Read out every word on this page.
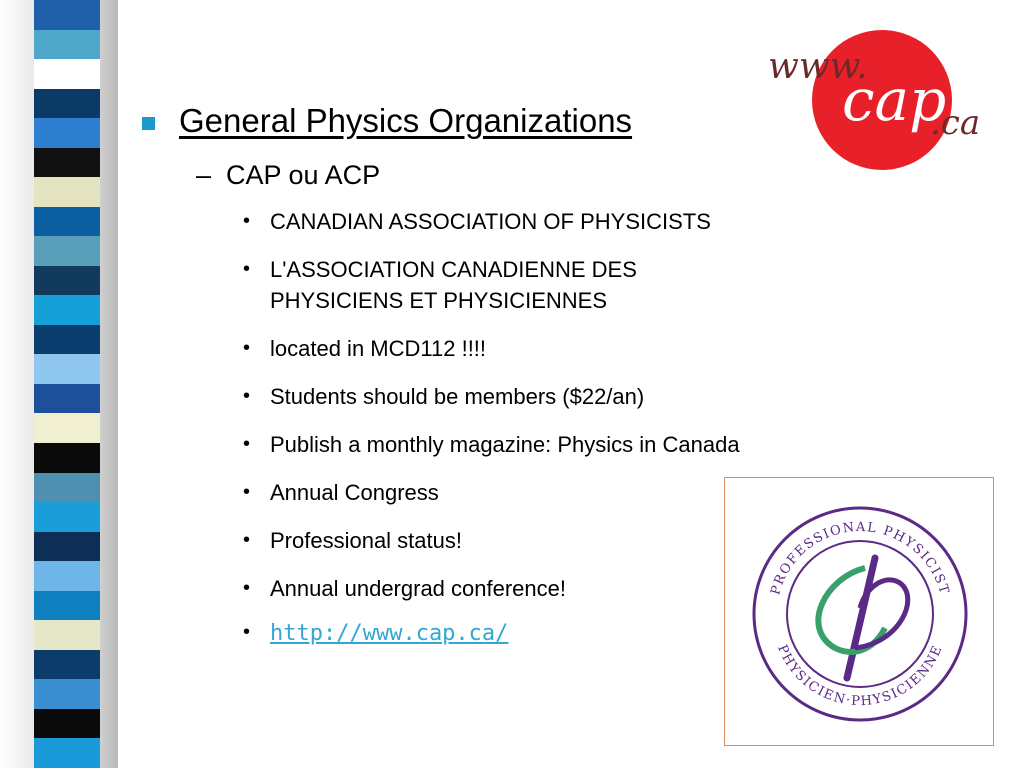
General Physics Organizations
– CAP ou ACP
• CANADIAN ASSOCIATION OF PHYSICISTS
• L'ASSOCIATION CANADIENNE DES PHYSICIENS ET PHYSICIENNES
• located in MCD112 !!!!
• Students should be members ($22/an)
• Publish a monthly magazine: Physics in Canada
• Annual Congress
• Professional status!
• Annual undergrad conference!
• http://www.cap.ca/
www.
cap
.ca
PROFESSIONAL PHYSICIST
PHYSICIEN·PHYSICIENNE
